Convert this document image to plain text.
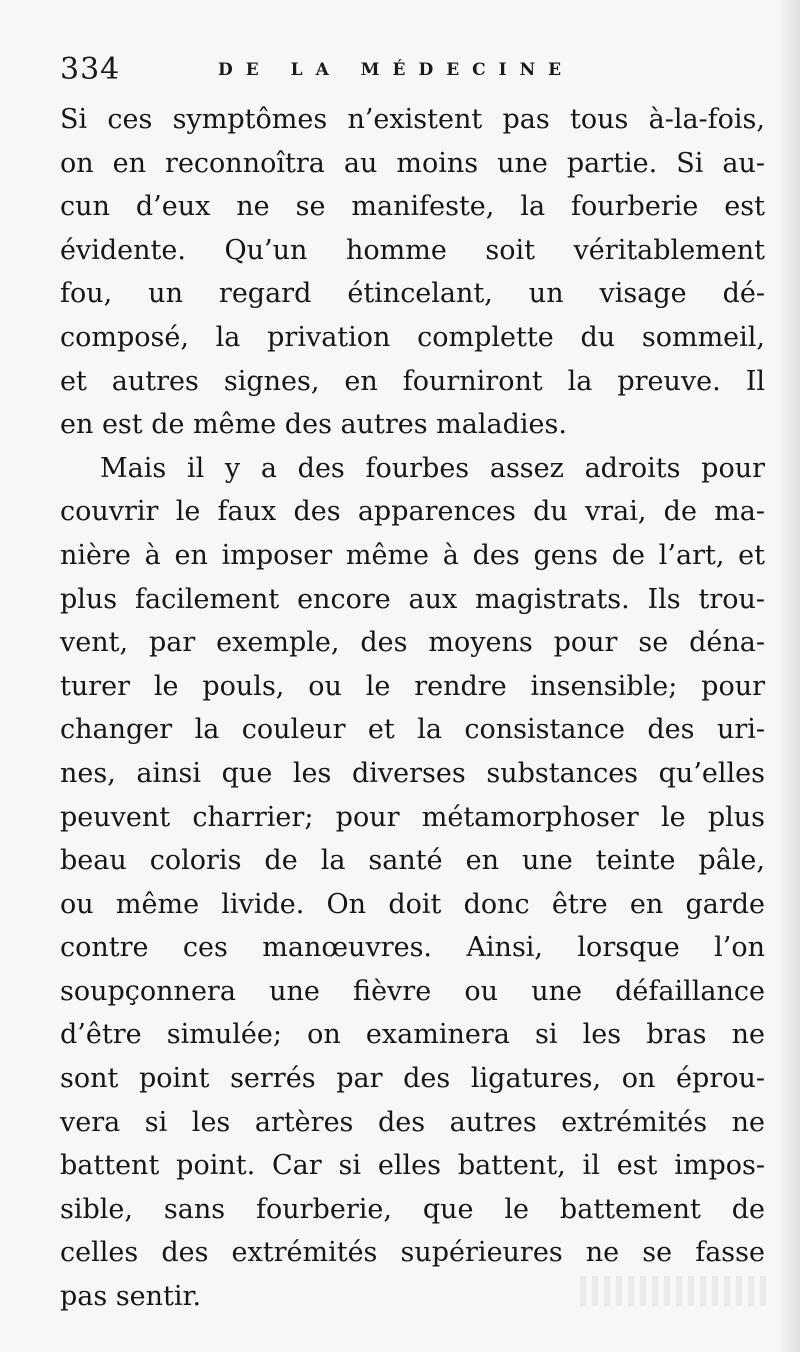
334	DE LA MÉDECINE
Si ces symptômes n’existent pas tous à-la-fois,
on en reconnoîtra au moins une partie. Si au-
cun d’eux ne se manifeste, la fourberie est
évidente. Qu’un homme soit véritablement
fou, un regard étincelant, un visage dé-
composé, la privation complette du sommeil,
et autres signes, en fourniront la preuve. Il
en est de même des autres maladies.
Mais il y a des fourbes assez adroits pour
couvrir le faux des apparences du vrai, de ma-
nière à en imposer même à des gens de l’art, et
plus facilement encore aux magistrats. Ils trou-
vent, par exemple, des moyens pour se déna-
turer le pouls, ou le rendre insensible; pour
changer la couleur et la consistance des uri-
nes, ainsi que les diverses substances qu’elles
peuvent charrier; pour métamorphoser le plus
beau coloris de la santé en une teinte pâle,
ou même livide. On doit donc être en garde
contre ces manœuvres. Ainsi, lorsque l’on
soupçonnera une fièvre ou une défaillance
d’être simulée; on examinera si les bras ne
sont point serrés par des ligatures, on éprou-
vera si les artères des autres extrémités ne
battent point. Car si elles battent, il est impos-
sible, sans fourberie, que le battement de
celles des extrémités supérieures ne se fasse
pas sentir.
